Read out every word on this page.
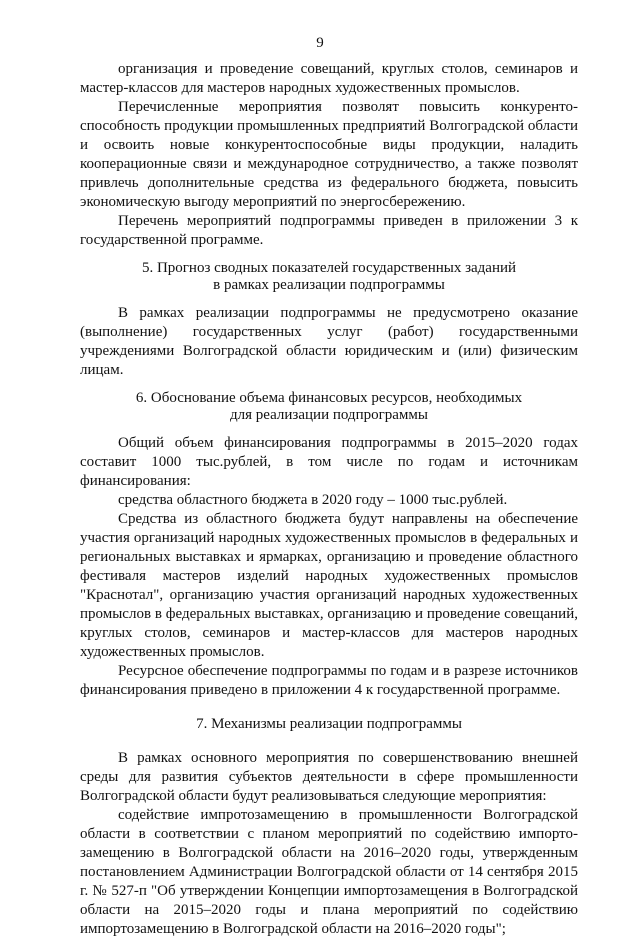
9

организация и проведение совещаний, круглых столов, семинаров и мастер-классов для мастеров народных художественных промыслов.

Перечисленные мероприятия позволят повысить конкурентоспособность продукции промышленных предприятий Волгоградской области и освоить новые конкурентоспособные виды продукции, наладить кооперационные связи и международное сотрудничество, а также позволят привлечь дополнительные средства из федерального бюджета, повысить экономическую выгоду мероприятий по энергосбережению.

Перечень мероприятий подпрограммы приведен в приложении 3 к государственной программе.

5. Прогноз сводных показателей государственных заданий
в рамках реализации подпрограммы

В рамках реализации подпрограммы не предусмотрено оказание (выполнение) государственных услуг (работ) государственными учреждениями Волгоградской области юридическим и (или) физическим лицам.

6. Обоснование объема финансовых ресурсов, необходимых
для реализации подпрограммы

Общий объем финансирования подпрограммы в 2015–2020 годах составит 1000 тыс.рублей, в том числе по годам и источникам финансирования:

средства областного бюджета в 2020 году – 1000 тыс.рублей.

Средства из областного бюджета будут направлены на обеспечение участия организаций народных художественных промыслов в федеральных и региональных выставках и ярмарках, организацию и проведение областного фестиваля мастеров изделий народных художественных промыслов "Краснотал", организацию участия организаций народных художественных промыслов в федеральных выставках, организацию и проведение совещаний, круглых столов, семинаров и мастер-классов для мастеров народных художественных промыслов.

Ресурсное обеспечение подпрограммы по годам и в разрезе источников финансирования приведено в приложении 4 к государственной программе.

7. Механизмы реализации подпрограммы

В рамках основного мероприятия по совершенствованию внешней среды для развития субъектов деятельности в сфере промышленности Волгоградской области будут реализовываться следующие мероприятия:

содействие импротозамещению в промышленности Волгоградской области в соответствии с планом мероприятий по содействию импортозамещению в Волгоградской области на 2016–2020 годы, утвержденным постановлением Администрации Волгоградской области от 14 сентября 2015 г. № 527-п "Об утверждении Концепции импортозамещения в Волгоградской области на 2015–2020 годы и плана мероприятий по содействию импортозамещению в Волгоградской области на 2016–2020 годы";
